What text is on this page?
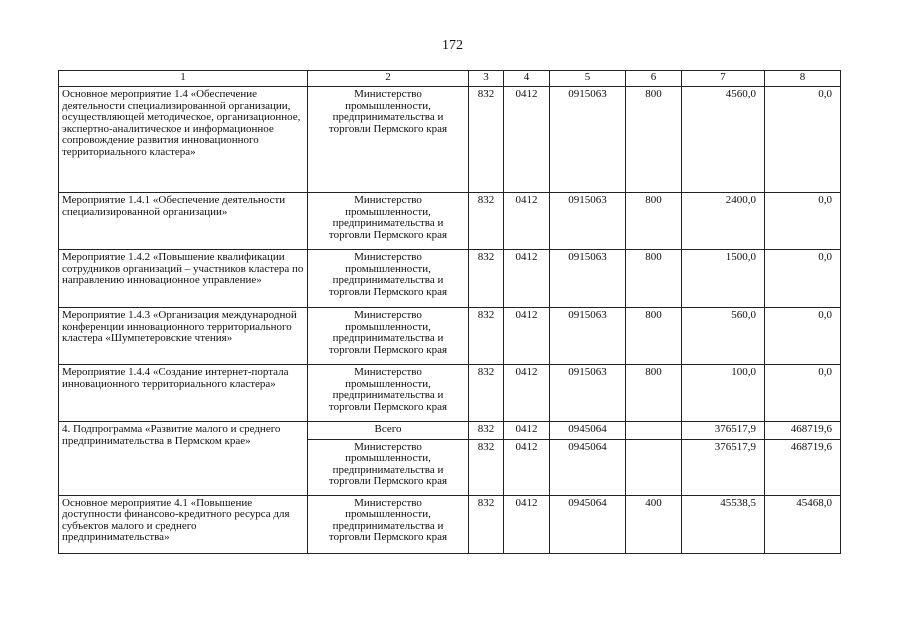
172
1	2	3	4	5	6	7	8
Основное мероприятие 1.4 «Обеспечение деятельности специализированной организации, осуществляющей методическое, организационное, экспертно-аналитическое и информационное сопровождение развития инновационного территориального кластера»	Министерство промышленности, предпринимательства и торговли Пермского края	832	0412	0915063	800	4560,0	0,0
Мероприятие 1.4.1 «Обеспечение деятельности специализированной организации»	Министерство промышленности, предпринимательства и торговли Пермского края	832	0412	0915063	800	2400,0	0,0
Мероприятие 1.4.2 «Повышение квалификации сотрудников организаций – участников кластера по направлению инновационное управление»	Министерство промышленности, предпринимательства и торговли Пермского края	832	0412	0915063	800	1500,0	0,0
Мероприятие 1.4.3 «Организация международной конференции инновационного территориального кластера «Шумпетеровские чтения»	Министерство промышленности, предпринимательства и торговли Пермского края	832	0412	0915063	800	560,0	0,0
Мероприятие 1.4.4 «Создание интернет-портала инновационного территориального кластера»	Министерство промышленности, предпринимательства и торговли Пермского края	832	0412	0915063	800	100,0	0,0
4. Подпрограмма «Развитие малого и среднего предпринимательства в Пермском крае»	Всего	832	0412	0945064		376517,9	468719,6
	Министерство промышленности, предпринимательства и торговли Пермского края	832	0412	0945064		376517,9	468719,6
Основное мероприятие 4.1 «Повышение доступности финансово-кредитного ресурса для субъектов малого и среднего предпринимательства»	Министерство промышленности, предпринимательства и торговли Пермского края	832	0412	0945064	400	45538,5	45468,0
